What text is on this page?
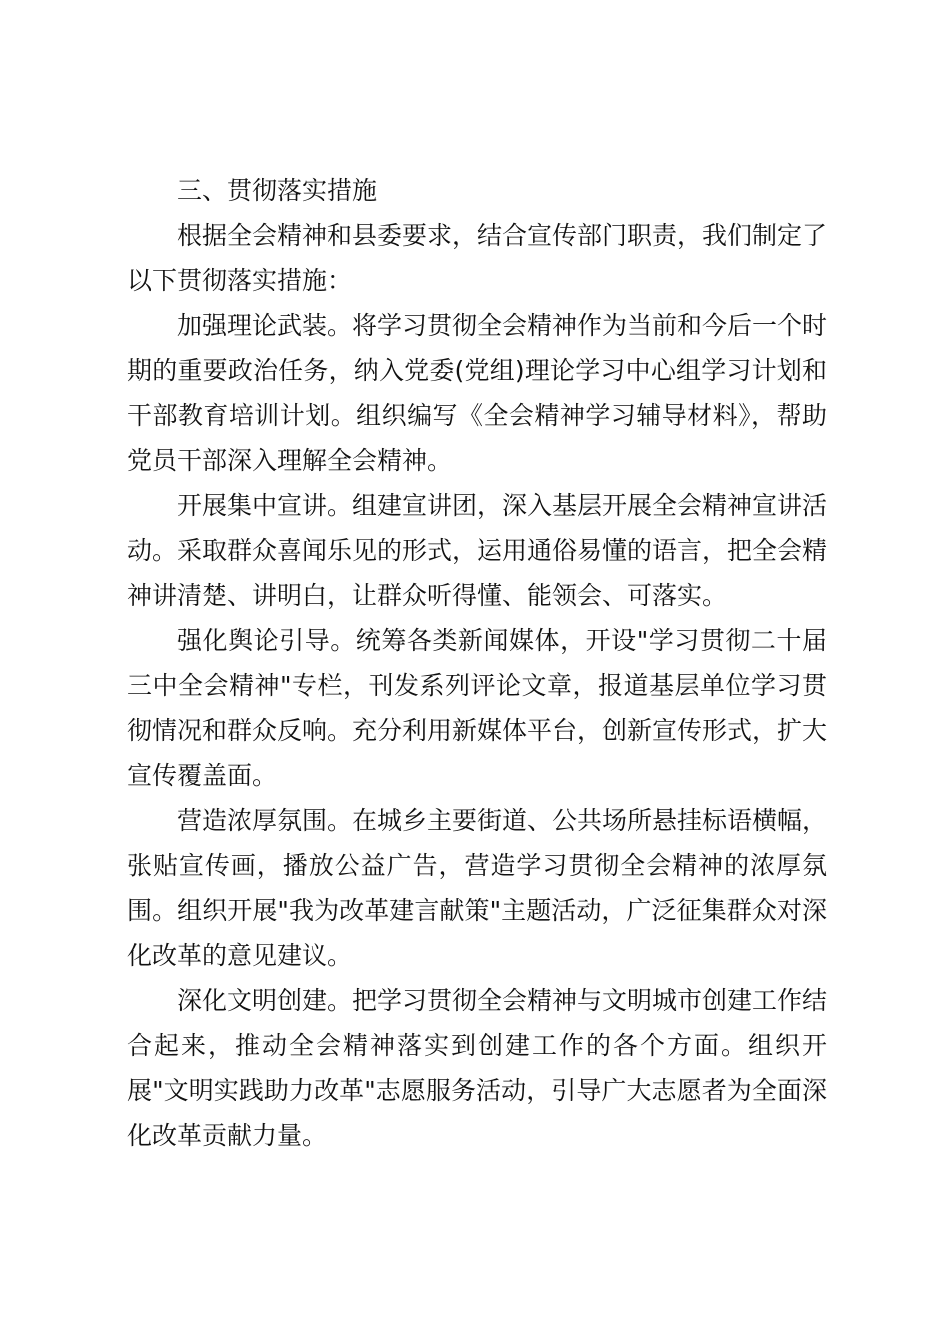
三、贯彻落实措施

根据全会精神和县委要求，结合宣传部门职责，我们制定了以下贯彻落实措施：

加强理论武装。将学习贯彻全会精神作为当前和今后一个时期的重要政治任务，纳入党委(党组)理论学习中心组学习计划和干部教育培训计划。组织编写《全会精神学习辅导材料》，帮助党员干部深入理解全会精神。

开展集中宣讲。组建宣讲团，深入基层开展全会精神宣讲活动。采取群众喜闻乐见的形式，运用通俗易懂的语言，把全会精神讲清楚、讲明白，让群众听得懂、能领会、可落实。

强化舆论引导。统筹各类新闻媒体，开设"学习贯彻二十届三中全会精神"专栏，刊发系列评论文章，报道基层单位学习贯彻情况和群众反响。充分利用新媒体平台，创新宣传形式，扩大宣传覆盖面。

营造浓厚氛围。在城乡主要街道、公共场所悬挂标语横幅，张贴宣传画，播放公益广告，营造学习贯彻全会精神的浓厚氛围。组织开展"我为改革建言献策"主题活动，广泛征集群众对深化改革的意见建议。

深化文明创建。把学习贯彻全会精神与文明城市创建工作结合起来，推动全会精神落实到创建工作的各个方面。组织开展"文明实践助力改革"志愿服务活动，引导广大志愿者为全面深化改革贡献力量。
